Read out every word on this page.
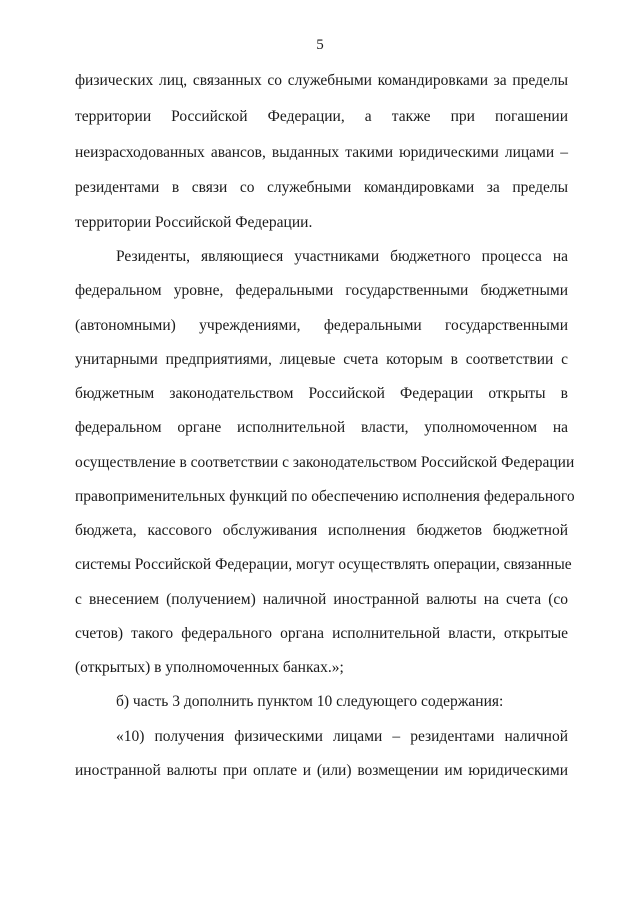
5
физических лиц, связанных со служебными командировками за пределы
территории Российской Федерации, а также при погашении
неизрасходованных авансов, выданных такими юридическими лицами –
резидентами в связи со служебными командировками за пределы
территории Российской Федерации.
Резиденты, являющиеся участниками бюджетного процесса на
федеральном уровне, федеральными государственными бюджетными
(автономными) учреждениями, федеральными государственными
унитарными предприятиями, лицевые счета которым в соответствии с
бюджетным законодательством Российской Федерации открыты в
федеральном органе исполнительной власти, уполномоченном на
осуществление в соответствии с законодательством Российской Федерации
правоприменительных функций по обеспечению исполнения федерального
бюджета, кассового обслуживания исполнения бюджетов бюджетной
системы Российской Федерации, могут осуществлять операции, связанные
с внесением (получением) наличной иностранной валюты на счета (со
счетов) такого федерального органа исполнительной власти, открытые
(открытых) в уполномоченных банках.»;
б) часть 3 дополнить пунктом 10 следующего содержания:
«10) получения физическими лицами – резидентами наличной
иностранной валюты при оплате и (или) возмещении им юридическими
